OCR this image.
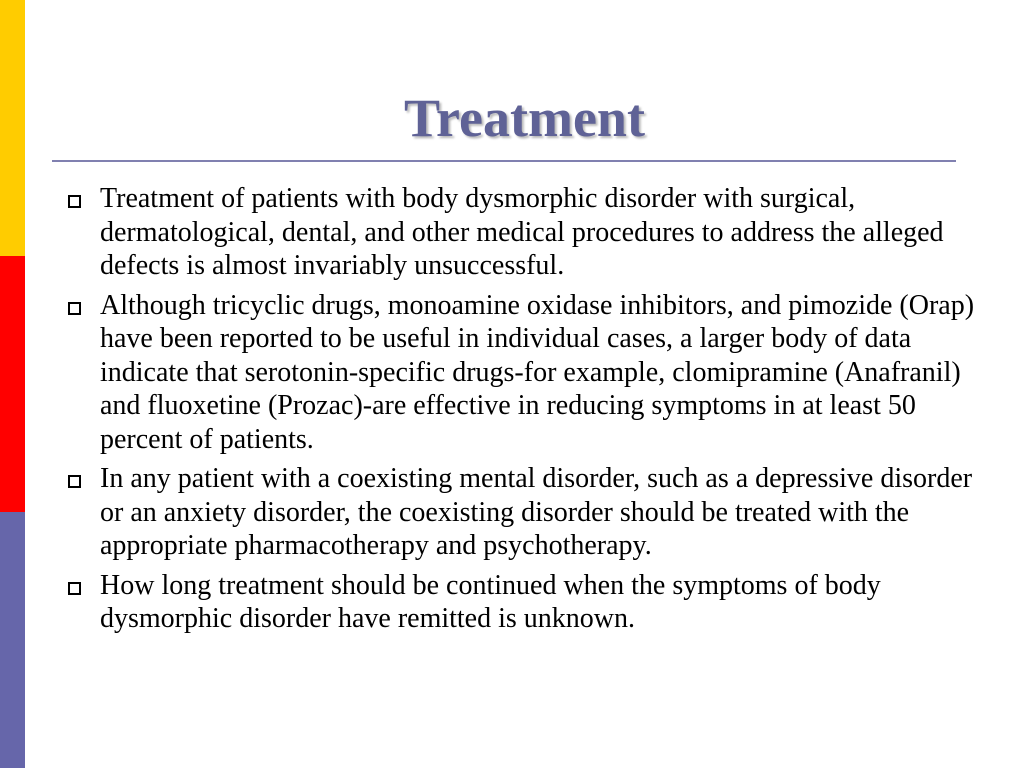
Treatment
Treatment of patients with body dysmorphic disorder with surgical, dermatological, dental, and other medical procedures to address the alleged defects is almost invariably unsuccessful.
Although tricyclic drugs, monoamine oxidase inhibitors, and pimozide (Orap) have been reported to be useful in individual cases, a larger body of data indicate that serotonin-specific drugs-for example, clomipramine (Anafranil) and fluoxetine (Prozac)-are effective in reducing symptoms in at least 50 percent of patients.
In any patient with a coexisting mental disorder, such as a depressive disorder or an anxiety disorder, the coexisting disorder should be treated with the appropriate pharmacotherapy and psychotherapy.
How long treatment should be continued when the symptoms of body dysmorphic disorder have remitted is unknown.
